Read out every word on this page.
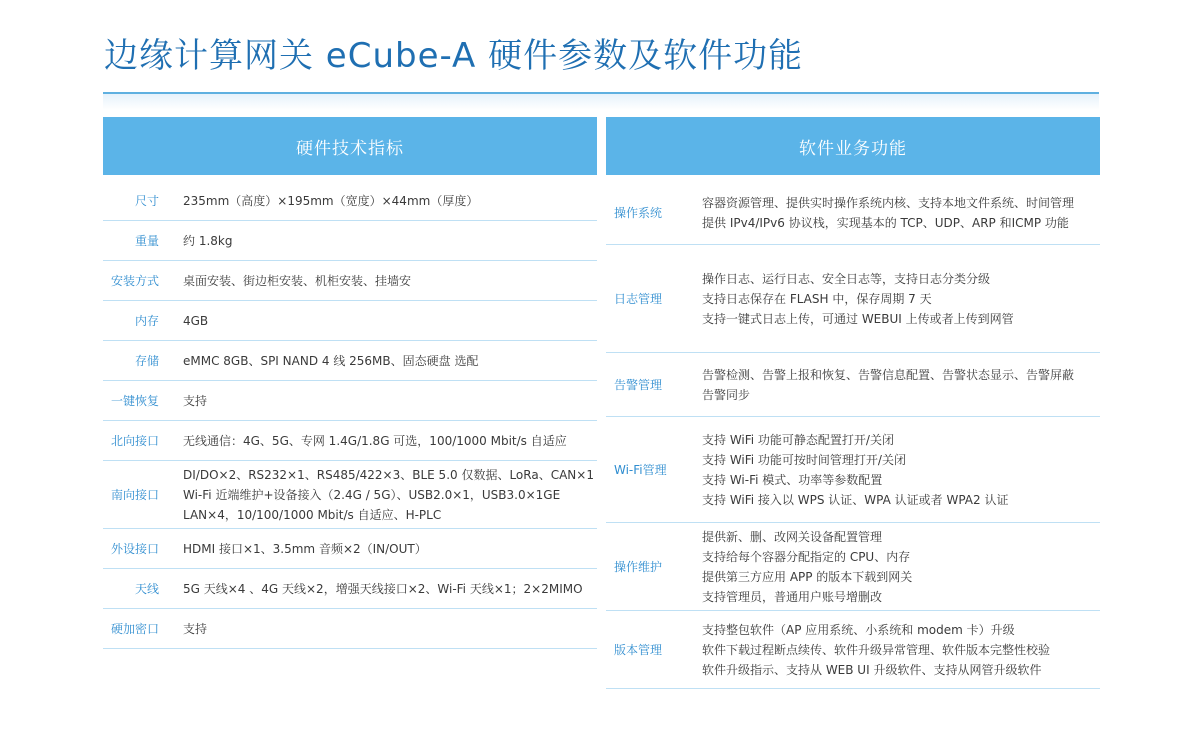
边缘计算网关 eCube-A 硬件参数及软件功能
硬件技术指标
尺寸 235mm（高度）×195mm（宽度）×44mm（厚度）
重量 约 1.8kg
安装方式 桌面安装、街边柜安装、机柜安装、挂墙安
内存 4GB
存储 eMMC 8GB、SPI NAND 4 线 256MB、固态硬盘 选配
一键恢复 支持
北向接口 无线通信：4G、5G、专网 1.4G/1.8G 可选，100/1000 Mbit/s 自适应
南向接口
DI/DO×2、RS232×1、RS485/422×3、BLE 5.0 仅数据、LoRa、CAN×1
Wi-Fi 近端维护+设备接入（2.4G / 5G）、USB2.0×1，USB3.0×1GE
LAN×4，10/100/1000 Mbit/s 自适应、H-PLC
外设接口 HDMI 接口×1、3.5mm 音频×2（IN/OUT）
天线 5G 天线×4 、4G 天线×2，增强天线接口×2、Wi-Fi 天线×1；2×2MIMO
硬加密口 支持
软件业务功能
操作系统
容器资源管理、提供实时操作系统内核、支持本地文件系统、时间管理
提供 IPv4/IPv6 协议栈，实现基本的 TCP、UDP、ARP 和ICMP 功能
日志管理
操作日志、运行日志、安全日志等，支持日志分类分级
支持日志保存在 FLASH 中，保存周期 7 天
支持一键式日志上传，可通过 WEBUI 上传或者上传到网管
告警管理
告警检测、告警上报和恢复、告警信息配置、告警状态显示、告警屏蔽
告警同步
Wi-Fi管理
支持 WiFi 功能可静态配置打开/关闭
支持 WiFi 功能可按时间管理打开/关闭
支持 Wi-Fi 模式、功率等参数配置
支持 WiFi 接入以 WPS 认证、WPA 认证或者 WPA2 认证
操作维护
提供新、删、改网关设备配置管理
支持给每个容器分配指定的 CPU、内存
提供第三方应用 APP 的版本下载到网关
支持管理员，普通用户账号增删改
版本管理
支持整包软件（AP 应用系统、小系统和 modem 卡）升级
软件下载过程断点续传、软件升级异常管理、软件版本完整性校验
软件升级指示、支持从 WEB UI 升级软件、支持从网管升级软件
